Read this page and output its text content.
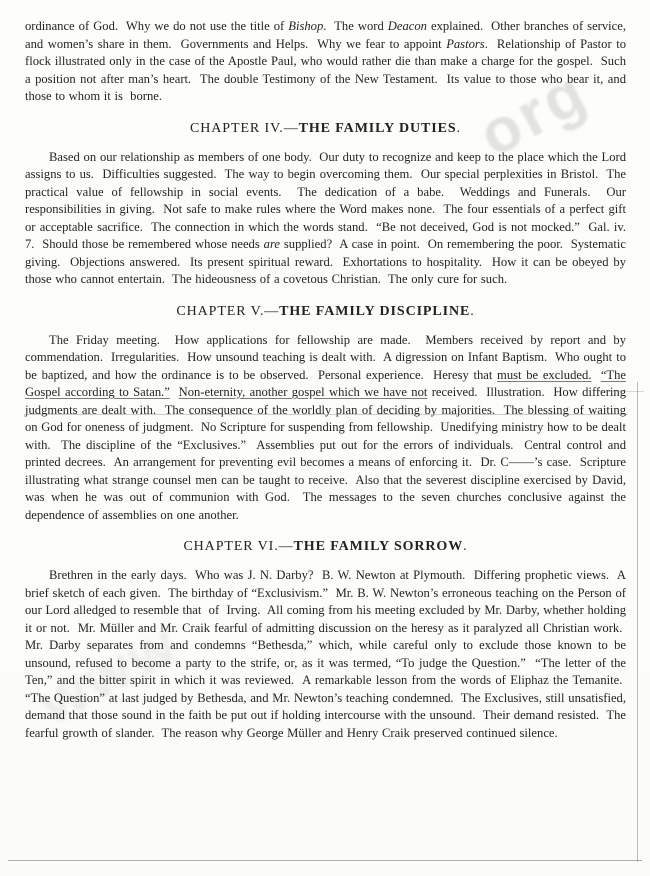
org
www

ordinance of God.  Why we do not use the title of Bishop.  The word Deacon explained.  Other branches of service, and women’s share in them.  Governments and Helps.  Why we fear to appoint Pastors.  Relationship of Pastor to flock illustrated only in the case of the Apostle Paul, who would rather die than make a charge for the gospel.  Such a position not after man’s heart.  The double Testimony of the New Testament.  Its value to those who bear it, and those to whom it is  borne.

CHAPTER IV.—THE FAMILY DUTIES.

Based on our relationship as members of one body.  Our duty to recognize and keep to the place which the Lord assigns to us.  Difficulties suggested.  The way to begin overcoming them.  Our special perplexities in Bristol.  The practical value of fellowship in social events.  The dedication of a babe.  Weddings and Funerals.  Our responsibilities in giving.  Not safe to make rules where the Word makes none.  The four essentials of a perfect gift or acceptable sacrifice.  The connection in which the words stand.  “Be not deceived, God is not mocked.”  Gal. iv. 7.  Should those be remembered whose needs are supplied?  A case in point.  On remembering the poor.  Systematic giving.  Objections answered.  Its present spiritual reward.  Exhortations to hospitality.  How it can be obeyed by those who cannot entertain.  The hideousness of a covetous Christian.  The only cure for such.

CHAPTER V.—THE FAMILY DISCIPLINE.

The Friday meeting.  How applications for fellowship are made.  Members received by report and by commendation.  Irregularities.  How unsound teaching is dealt with.  A digression on Infant Baptism.  Who ought to be baptized, and how the ordinance is to be observed.  Personal experience.  Heresy that must be excluded. “The Gospel according to Satan.” Non-eternity, another gospel which we have not received.  Illustration.  How differing judgments are dealt with.  The consequence of the worldly plan of deciding by majorities.  The blessing of waiting on God for oneness of judgment.  No Scripture for suspending from fellowship.  Unedifying ministry how to be dealt with.  The discipline of the “Exclusives.”  Assemblies put out for the errors of individuals.  Central control and printed decrees.  An arrangement for preventing evil becomes a means of enforcing it.  Dr. C——’s case.  Scripture illustrating what strange counsel men can be taught to receive.  Also that the severest discipline exercised by David, was when he was out of communion with God.  The messages to the seven churches conclusive against the dependence of assemblies on one another.

CHAPTER VI.—THE FAMILY SORROW.

Brethren in the early days.  Who was J. N. Darby?  B. W. Newton at Plymouth.  Differing prophetic views.  A brief sketch of each given.  The birthday of “Exclusivism.”  Mr. B. W. Newton’s erroneous teaching on the Person of our Lord alledged to resemble that  of  Irving.  All coming from his meeting excluded by Mr. Darby, whether holding it or not.  Mr. Müller and Mr. Craik fearful of admitting discussion on the heresy as it paralyzed all Christian work.  Mr. Darby separates from and condemns “Bethesda,” which, while careful only to exclude those known to be unsound, refused to become a party to the strife, or, as it was termed, “To judge the Question.”  “The letter of the Ten,” and the bitter spirit in which it was reviewed.  A remarkable lesson from the words of Eliphaz the Temanite.  “The Question” at last judged by Bethesda, and Mr. Newton’s teaching condemned.  The Exclusives, still unsatisfied, demand that those sound in the faith be put out if holding intercourse with the unsound.  Their demand resisted.  The fearful growth of slander.  The reason why George Müller and Henry Craik preserved continued silence.
